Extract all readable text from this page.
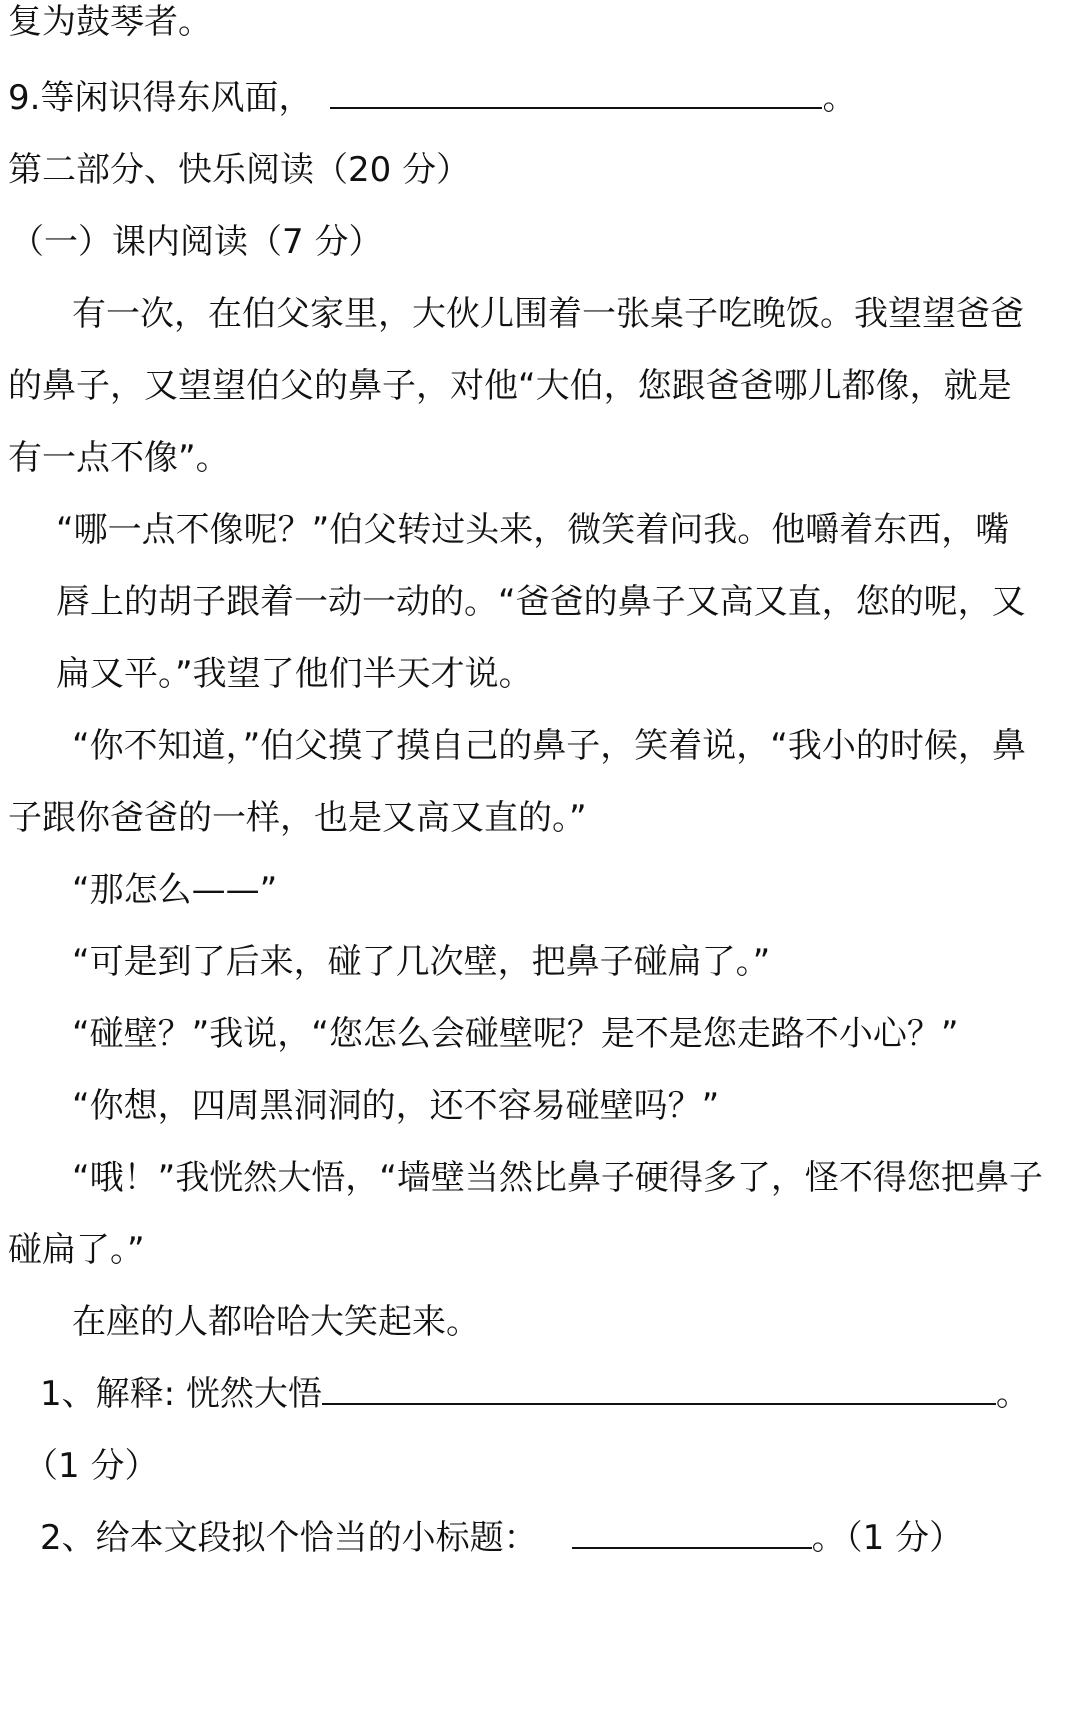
复为鼓琴者。
9.等闲识得东风面，	。
第二部分、快乐阅读（20 分）
（一）课内阅读（7 分）
有一次，在伯父家里，大伙儿围着一张桌子吃晚饭。我望望爸爸
的鼻子，又望望伯父的鼻子，对他“大伯，您跟爸爸哪儿都像，就是
有一点不像”。
“哪一点不像呢？”伯父转过头来，微笑着问我。他嚼着东西，嘴
唇上的胡子跟着一动一动的。“爸爸的鼻子又高又直，您的呢，又
扁又平。”我望了他们半天才说。
“你不知道，”伯父摸了摸自己的鼻子，笑着说，“我小的时候，鼻
子跟你爸爸的一样，也是又高又直的。”
“那怎么——”
“可是到了后来，碰了几次壁，把鼻子碰扁了。”
“碰壁？”我说，“您怎么会碰壁呢？是不是您走路不小心？”
“你想，四周黑洞洞的，还不容易碰壁吗？”
“哦！”我恍然大悟，“墙壁当然比鼻子硬得多了，怪不得您把鼻子
碰扁了。”
在座的人都哈哈大笑起来。
1、解释: 恍然大悟	。
（1 分）
2、给本文段拟个恰当的小标题：	。（1 分）
